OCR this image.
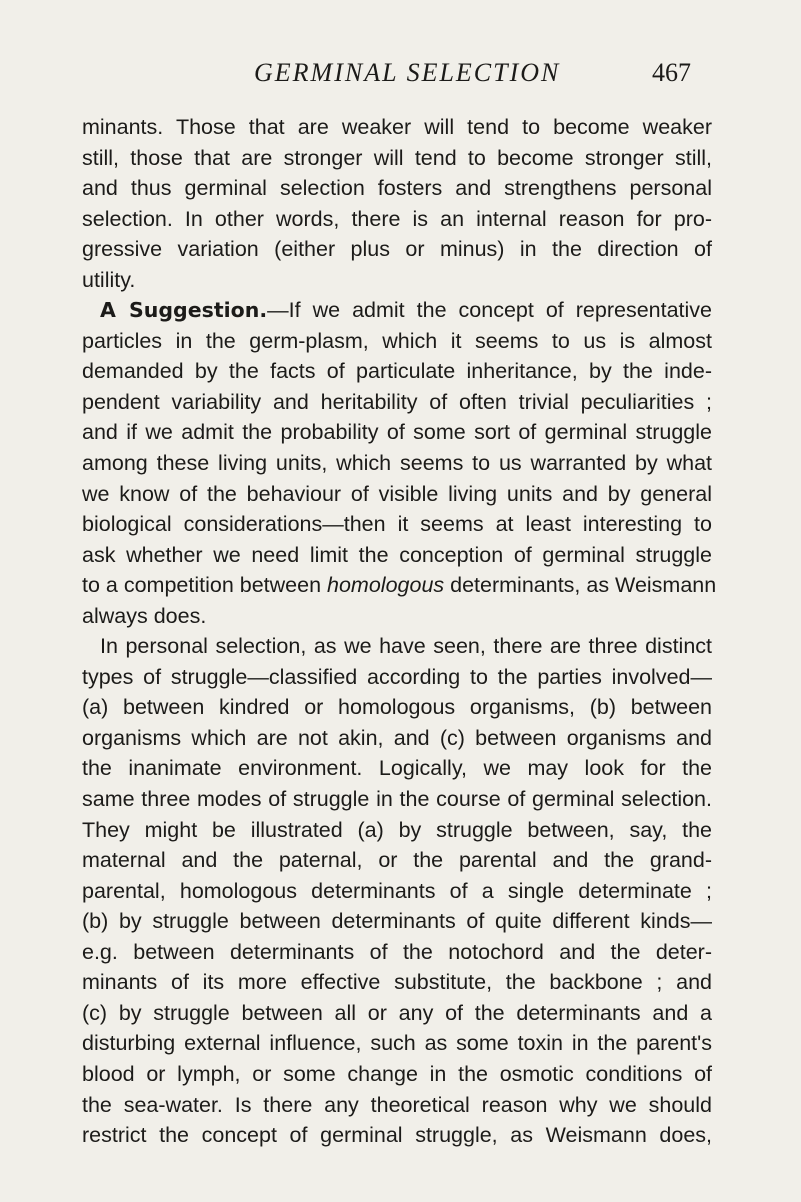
GERMINAL SELECTION	467
minants. Those that are weaker will tend to become weaker
still, those that are stronger will tend to become stronger still,
and thus germinal selection fosters and strengthens personal
selection. In other words, there is an internal reason for pro-
gressive variation (either plus or minus) in the direction of
utility.
A Suggestion.—If we admit the concept of representative
particles in the germ-plasm, which it seems to us is almost
demanded by the facts of particulate inheritance, by the inde-
pendent variability and heritability of often trivial peculiarities ;
and if we admit the probability of some sort of germinal struggle
among these living units, which seems to us warranted by what
we know of the behaviour of visible living units and by general
biological considerations—then it seems at least interesting to
ask whether we need limit the conception of germinal struggle
to a competition between homologous determinants, as Weismann
always does.
In personal selection, as we have seen, there are three distinct
types of struggle—classified according to the parties involved—
(a) between kindred or homologous organisms, (b) between
organisms which are not akin, and (c) between organisms and
the inanimate environment. Logically, we may look for the
same three modes of struggle in the course of germinal selection.
They might be illustrated (a) by struggle between, say, the
maternal and the paternal, or the parental and the grand-
parental, homologous determinants of a single determinate ;
(b) by struggle between determinants of quite different kinds—
e.g. between determinants of the notochord and the deter-
minants of its more effective substitute, the backbone ; and
(c) by struggle between all or any of the determinants and a
disturbing external influence, such as some toxin in the parent's
blood or lymph, or some change in the osmotic conditions of
the sea-water. Is there any theoretical reason why we should
restrict the concept of germinal struggle, as Weismann does,
